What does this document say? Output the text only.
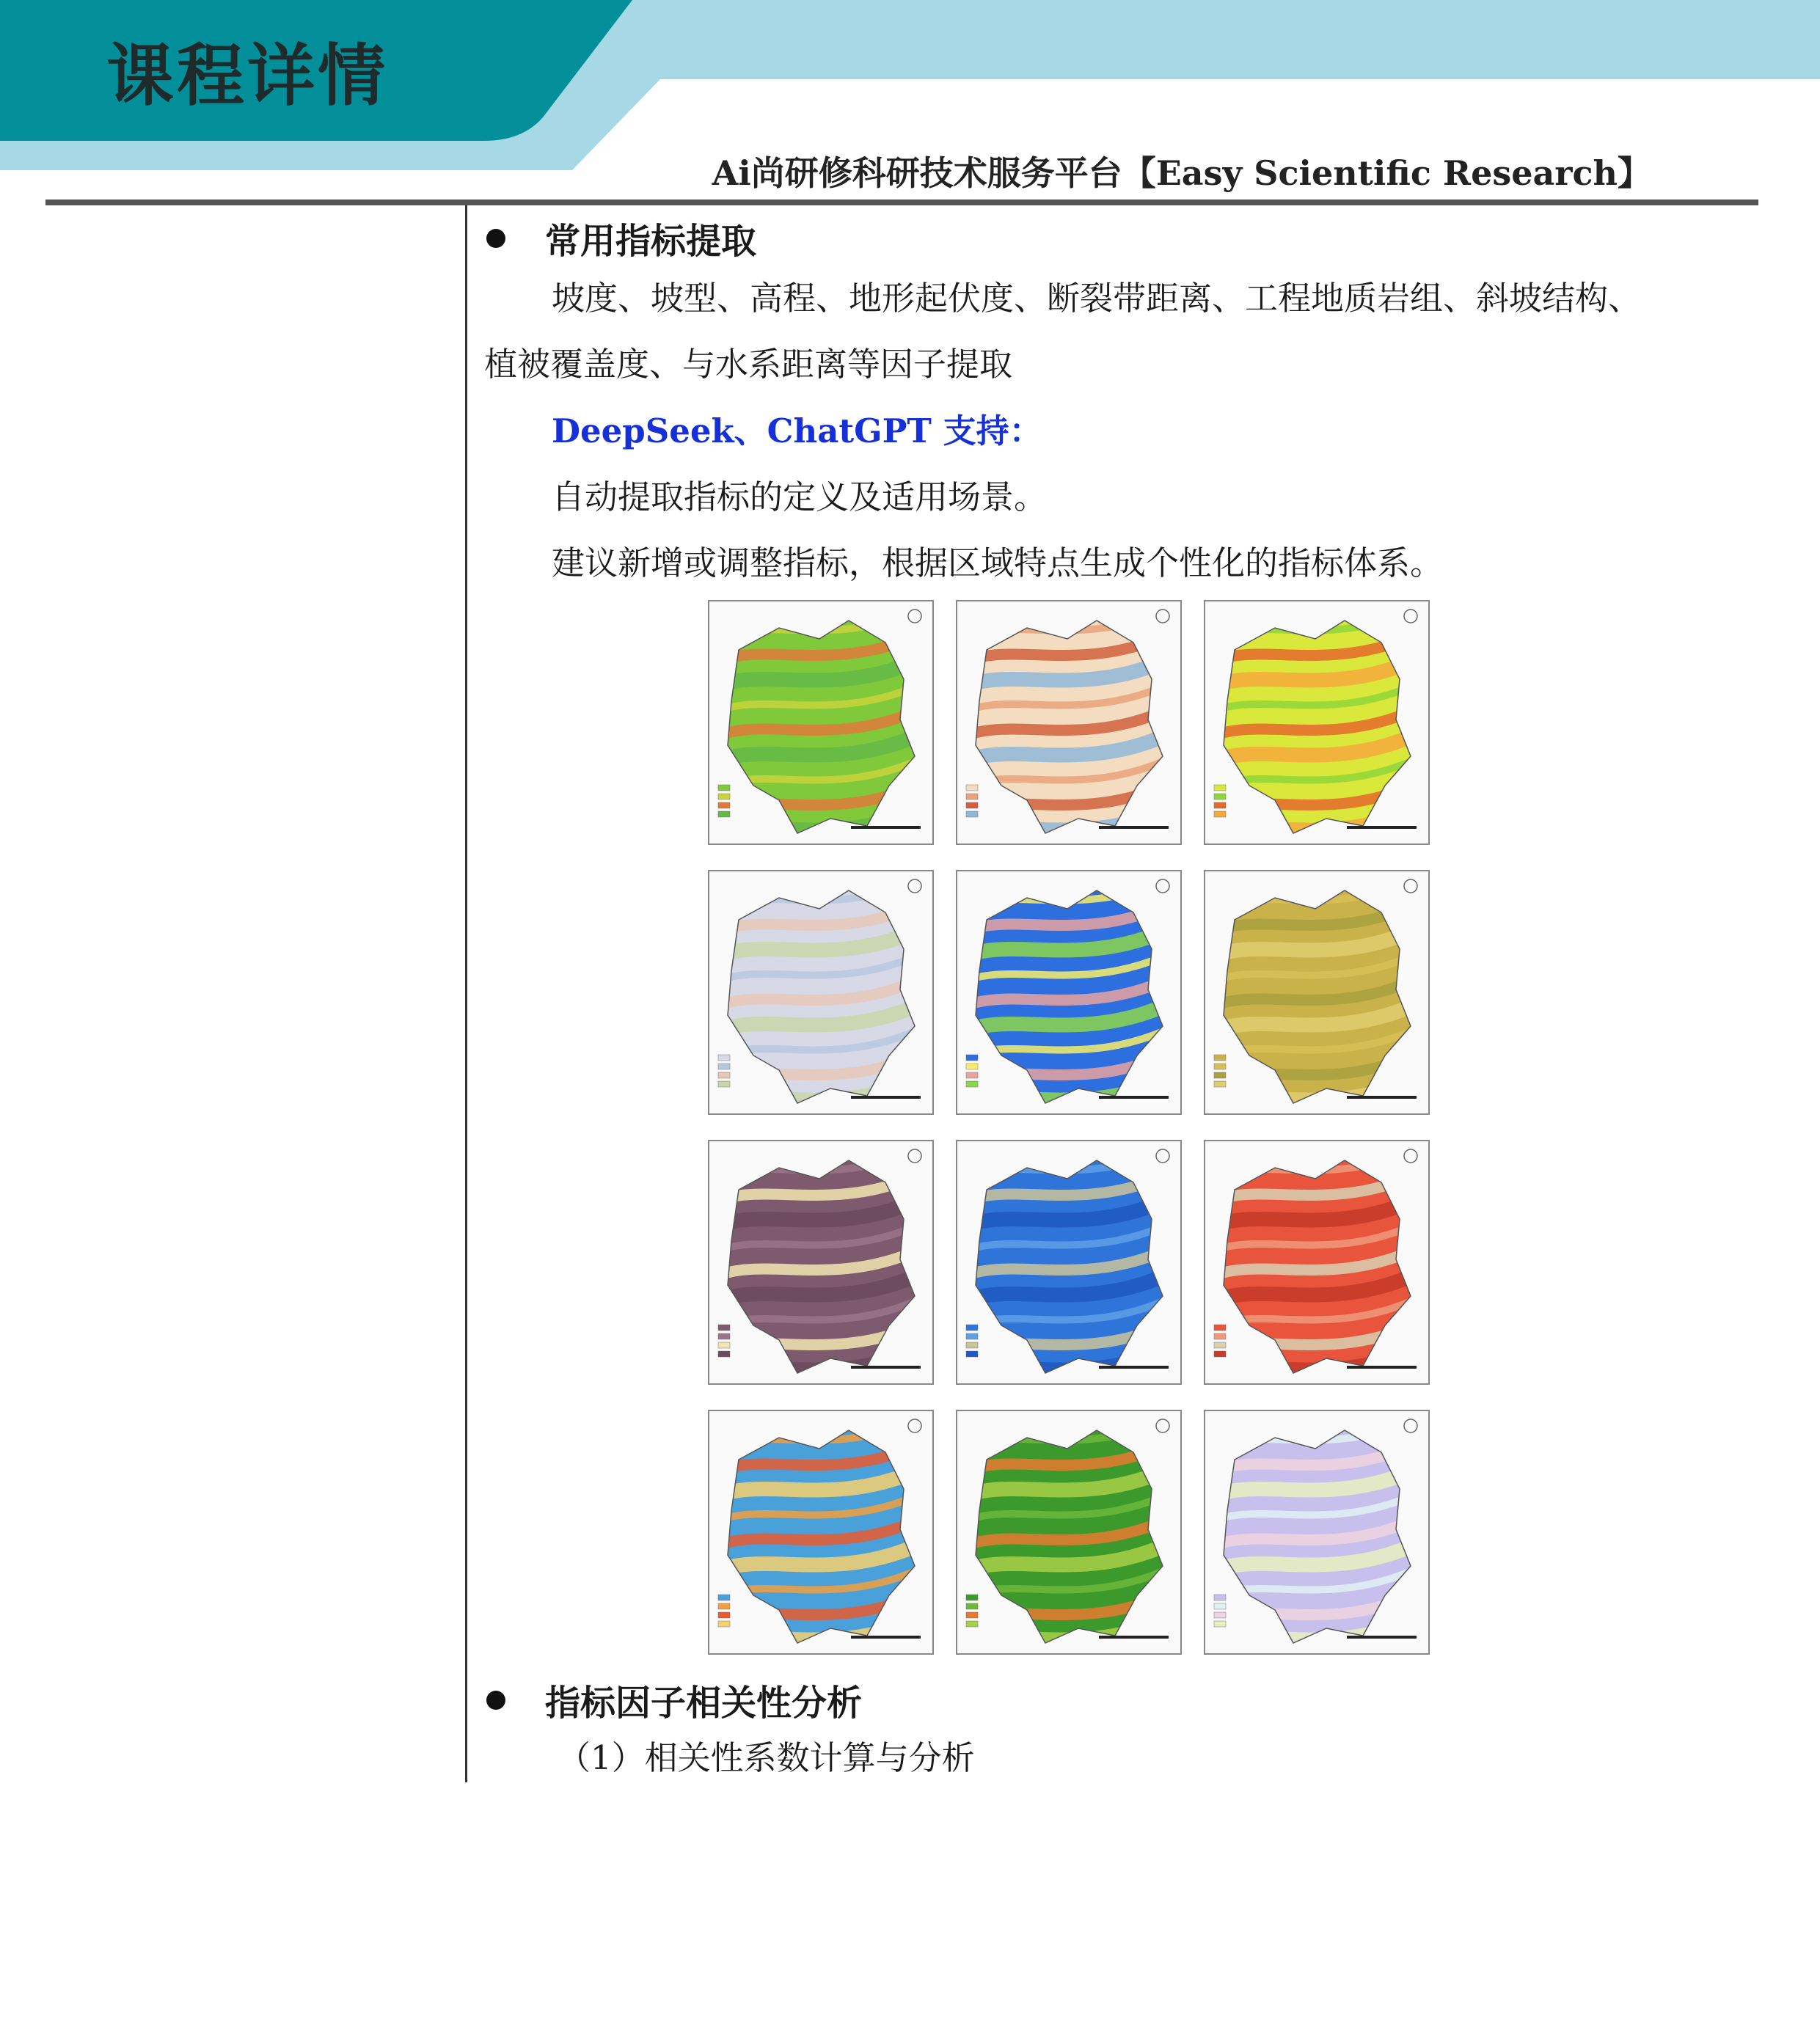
课程详情
Ai尚研修科研技术服务平台【Easy Scientific Research】
常用指标提取
坡度、坡型、高程、地形起伏度、断裂带距离、工程地质岩组、斜坡结构、
植被覆盖度、与水系距离等因子提取
DeepSeek、ChatGPT 支持：
自动提取指标的定义及适用场景。
建议新增或调整指标，根据区域特点生成个性化的指标体系。
指标因子相关性分析
（1）相关性系数计算与分析
